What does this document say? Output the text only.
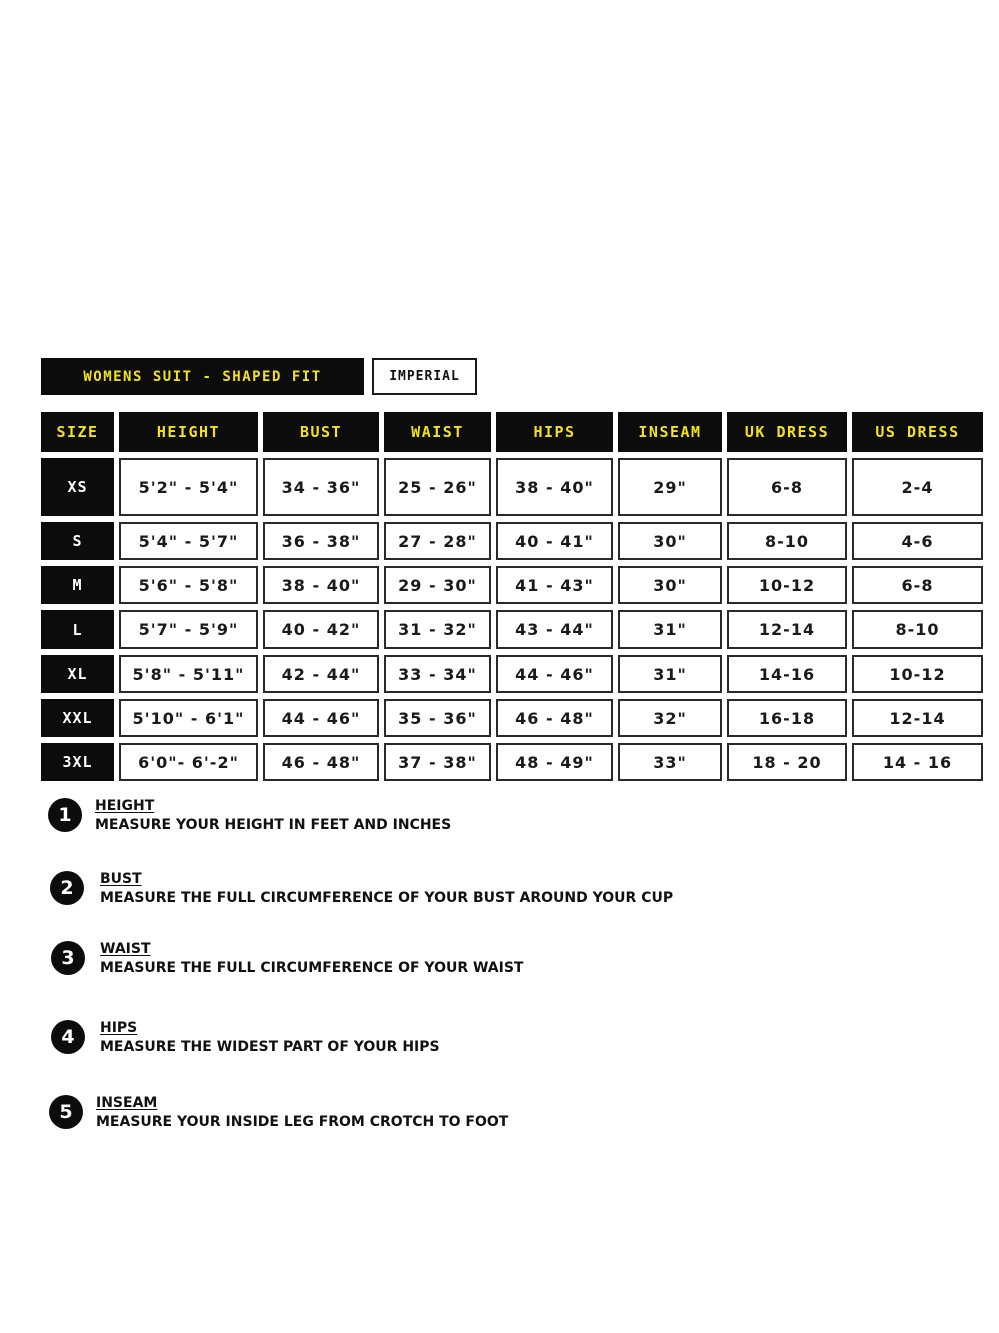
WOMENS SUIT - SHAPED FIT	IMPERIAL
SIZE	HEIGHT	BUST	WAIST	HIPS	INSEAM	UK DRESS	US DRESS
XS	5'2" - 5'4"	34 - 36"	25 - 26"	38 - 40"	29"	6-8	2-4
S	5'4" - 5'7"	36 - 38"	27 - 28"	40 - 41"	30"	8-10	4-6
M	5'6" - 5'8"	38 - 40"	29 - 30"	41 - 43"	30"	10-12	6-8
L	5'7" - 5'9"	40 - 42"	31 - 32"	43 - 44"	31"	12-14	8-10
XL	5'8" - 5'11"	42 - 44"	33 - 34"	44 - 46"	31"	14-16	10-12
XXL	5'10" - 6'1"	44 - 46"	35 - 36"	46 - 48"	32"	16-18	12-14
3XL	6'0"- 6'-2"	46 - 48"	37 - 38"	48 - 49"	33"	18 - 20	14 - 16
1	HEIGHT
MEASURE YOUR HEIGHT IN FEET AND INCHES
2	BUST
MEASURE THE FULL CIRCUMFERENCE OF YOUR BUST AROUND YOUR CUP
3	WAIST
MEASURE THE FULL CIRCUMFERENCE OF YOUR WAIST
4	HIPS
MEASURE THE WIDEST PART OF YOUR HIPS
5	INSEAM
MEASURE YOUR INSIDE LEG FROM CROTCH TO FOOT
